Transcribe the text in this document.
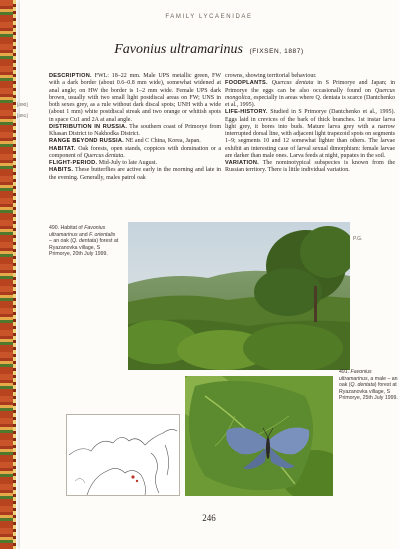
FAMILY LYCAENIDAE
Favonius ultramarinus (FIXSEN, 1887)
[490]
[491]

DESCRIPTION. FWL: 18–22 mm. Male UPS metallic green, FW with a dark border (about 0.6–0.8 mm wide), somewhat widened at anal angle; on HW the border is 1–2 mm wide. Female UPS dark brown, usually with two small light postdiscal areas on FW; UNS in both sexes grey, as a rule without dark discal spots; UNH with a wide (about 1 mm) white postdiscal streak and two orange or whitish spots in space Cu1 and 2A at anal angle.

DISTRIBUTION IN RUSSIA. The southern coast of Primorye from Khasan District to Nakhodka District.

RANGE BEYOND RUSSIA. NE and C China, Korea, Japan.

HABITAT. Oak forests, open stands, coppices with domination or a component of Quercus dentata.

FLIGHT-PERIOD. Mid-July to late August.

HABITS. These butterflies are active early in the morning and late in the evening. Generally, males patrol oak

crowns, showing territorial behaviour.

FOODPLANTS. Quercus dentata in S Primorye and Japan; in Primorye the eggs can be also occasionally found on Quercus mongolica, especially in areas where Q. dentata is scarce (Dantchenko et al., 1995).

LIFE-HISTORY. Studied in S Primorye (Dantchenko et al., 1995). Eggs laid in crevices of the bark of thick branches. 1st instar larva light grey, it bores into buds. Mature larva grey with a narrow interrupted dorsal line, with adjacent light trapezoid spots on segments 1–9; segments 10 and 12 somewhat lighter than others. The larvae exhibit an interesting case of larval sexual dimorphism: female larvae are darker than male ones. Larva feeds at night, pupates in the soil.

VARIATION. The nominotypical subspecies is known from the Russian territory. There is little individual variation.

P.G.
490. Habitat of Favonius ultramarinus and F. orientalis – an oak (Q. dentata) forest at Ryazanovka village, S Primorye, 20th July 1999.
491. Favonius ultramarinus, a male – an oak (Q. dentata) forest at Ryazanovka village, S Primorye, 25th July 1999.
246
